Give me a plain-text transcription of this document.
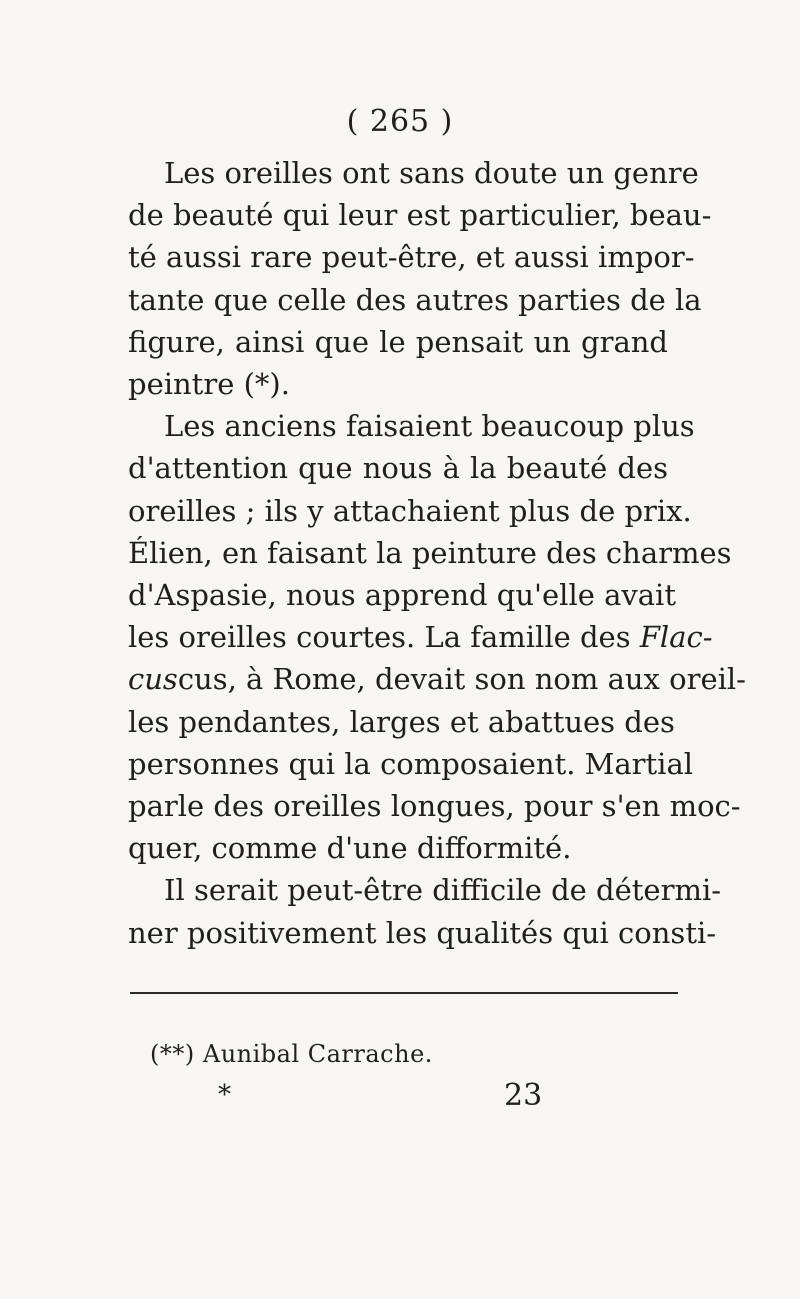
( 265 )

Les oreilles ont sans doute un genre
de beauté qui leur est particulier, beau-
té aussi rare peut-être, et aussi impor-
tante que celle des autres parties de la
figure, ainsi que le pensait un grand
peintre (*).

Les anciens faisaient beaucoup plus
d'attention que nous à la beauté des
oreilles ; ils y attachaient plus de prix.
Élien, en faisant la peinture des charmes
d'Aspasie, nous apprend qu'elle avait
les oreilles courtes. La famille des Flac-
cuscus, à Rome, devait son nom aux oreil-
les pendantes, larges et abattues des
personnes qui la composaient. Martial
parle des oreilles longues, pour s'en moc-
quer, comme d'une difformité.

Il serait peut-être difficile de détermi-
ner positivement les qualités qui consti-

(**) Aunibal Carrache.
*	23
